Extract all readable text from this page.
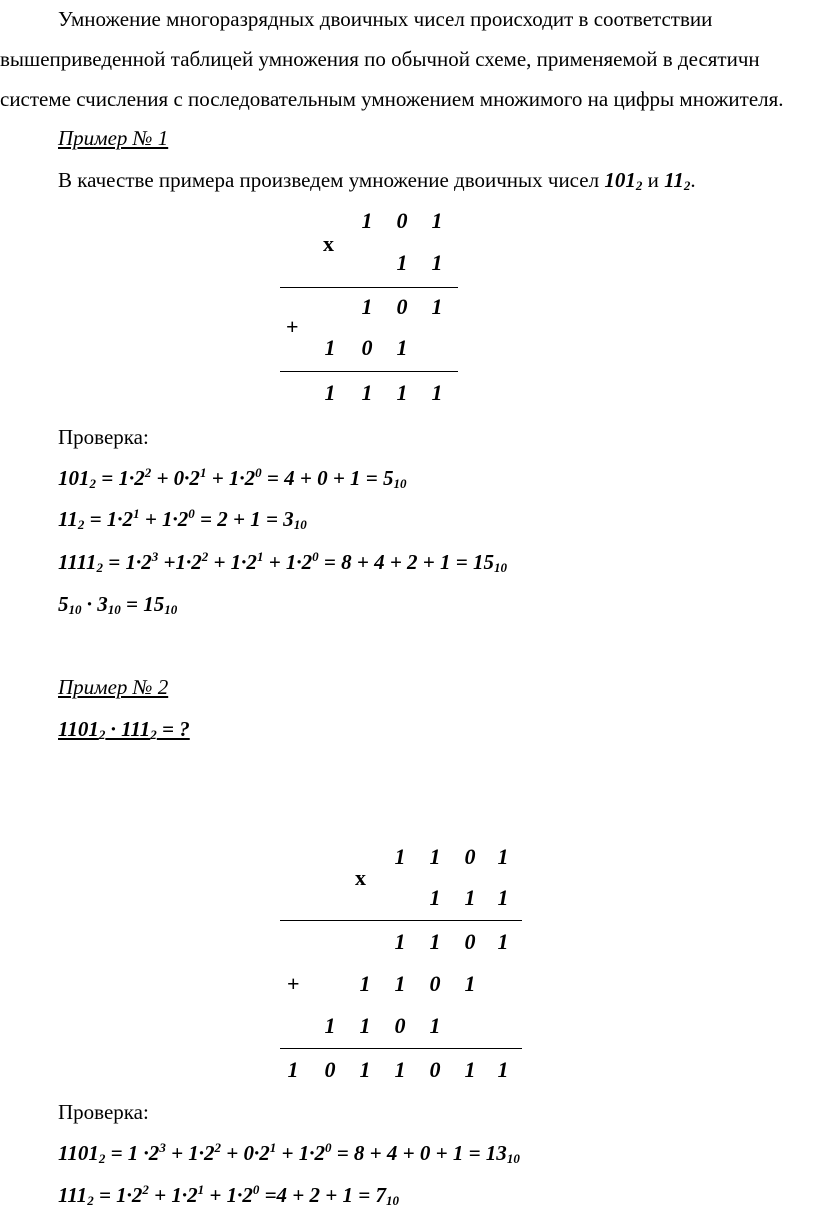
Умножение многоразрядных двоичных чисел происходит в соответствии
вышеприведенной таблицей умножения по обычной схеме, применяемой в десятичн
системе счисления с последовательным умножением множимого на цифры множителя.
Пример № 1
В качестве примера произведем умножение двоичных чисел $101_2$ и $11_2$.
1 0 1
x
1 1
1 0 1
+
1 0 1
1 1 1 1
Проверка:
$101_2 = 1\cdot 2^2 + 0\cdot 2^1 + 1\cdot 2^0 = 4 + 0 + 1 = 5_{10}$
$11_2 = 1\cdot 2^1 + 1\cdot 2^0 = 2 + 1 = 3_{10}$
$1111_2 = 1\cdot 2^3 +1\cdot 2^2 + 1\cdot 2^1 + 1\cdot 2^0 = 8 + 4 + 2 + 1 = 15_{10}$
$5_{10} \cdot 3_{10} = 15_{10}$
Пример № 2
$1101_2 \cdot 111_2$ = ?
1 1 0 1
x
1 1 1
1 1 0 1
+	1 1 0 1
1 1 0 1
1 0 1 1 0 1 1
Проверка:
$1101_2 = 1 \cdot 2^3 + 1\cdot 2^2 + 0\cdot 2^1 + 1\cdot 2^0 = 8 + 4 + 0 + 1 = 13_{10}$
$111_2 = 1\cdot 2^2 + 1\cdot 2^1 + 1\cdot 2^0 =4 + 2 + 1 = 7_{10}$
